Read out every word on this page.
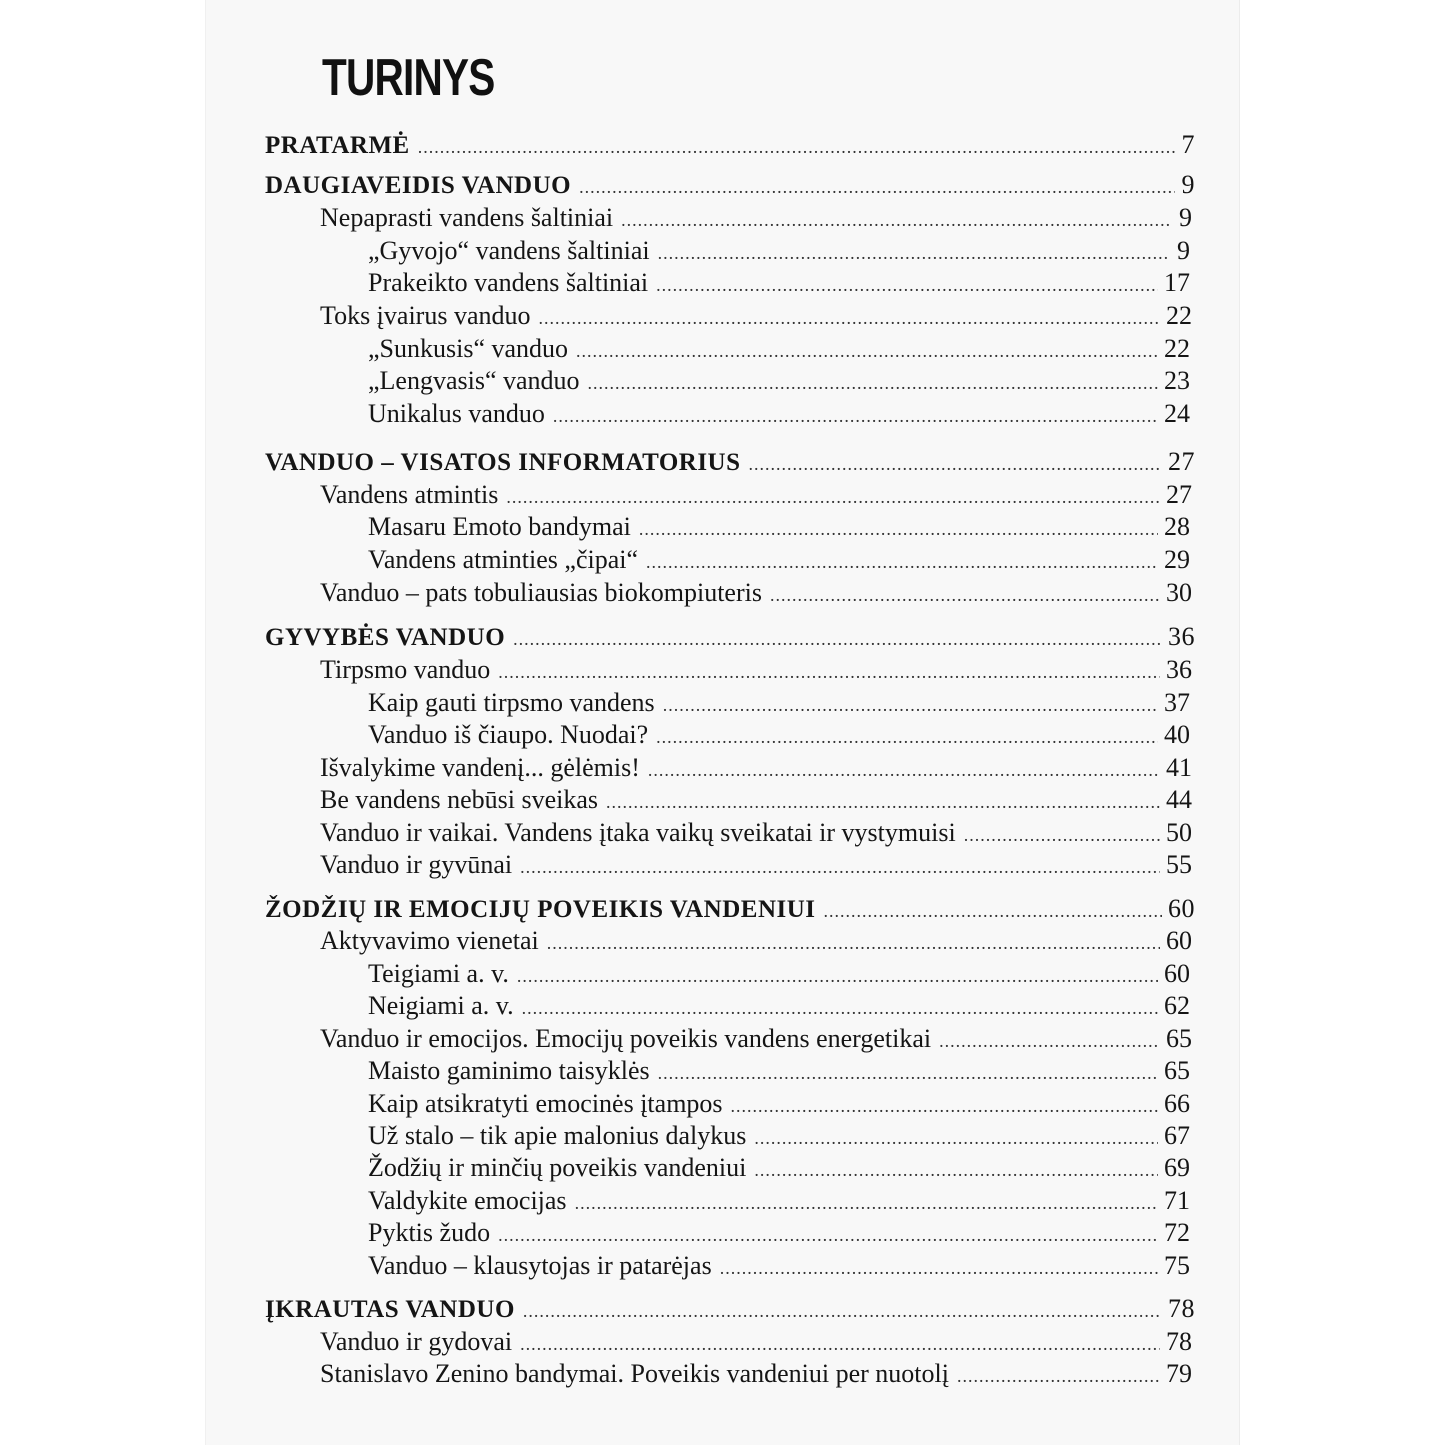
TURINYS
PRATARMĖ .....	7
DAUGIAVEIDIS VANDUO .....	9
Nepaprasti vandens šaltiniai .....	9
„Gyvojo“ vandens šaltiniai .....	9
Prakeikto vandens šaltiniai .....	17
Toks įvairus vanduo .....	22
„Sunkusis“ vanduo .....	22
„Lengvasis“ vanduo .....	23
Unikalus vanduo .....	24
VANDUO – VISATOS INFORMATORIUS .....	27
Vandens atmintis .....	27
Masaru Emoto bandymai .....	28
Vandens atminties „čipai“ .....	29
Vanduo – pats tobuliausias biokompiuteris .....	30
GYVYBĖS VANDUO .....	36
Tirpsmo vanduo .....	36
Kaip gauti tirpsmo vandens .....	37
Vanduo iš čiaupo. Nuodai? .....	40
Išvalykime vandenį... gėlėmis! .....	41
Be vandens nebūsi sveikas .....	44
Vanduo ir vaikai. Vandens įtaka vaikų sveikatai ir vystymuisi .....	50
Vanduo ir gyvūnai .....	55
ŽODŽIŲ IR EMOCIJŲ POVEIKIS VANDENIUI .....	60
Aktyvavimo vienetai .....	60
Teigiami a. v. .....	60
Neigiami a. v. .....	62
Vanduo ir emocijos. Emocijų poveikis vandens energetikai .....	65
Maisto gaminimo taisyklės .....	65
Kaip atsikratyti emocinės įtampos .....	66
Už stalo – tik apie malonius dalykus .....	67
Žodžių ir minčių poveikis vandeniui .....	69
Valdykite emocijas .....	71
Pyktis žudo .....	72
Vanduo – klausytojas ir patarėjas .....	75
ĮKRAUTAS VANDUO .....	78
Vanduo ir gydovai .....	78
Stanislavo Zenino bandymai. Poveikis vandeniui per nuotolį .....	79
